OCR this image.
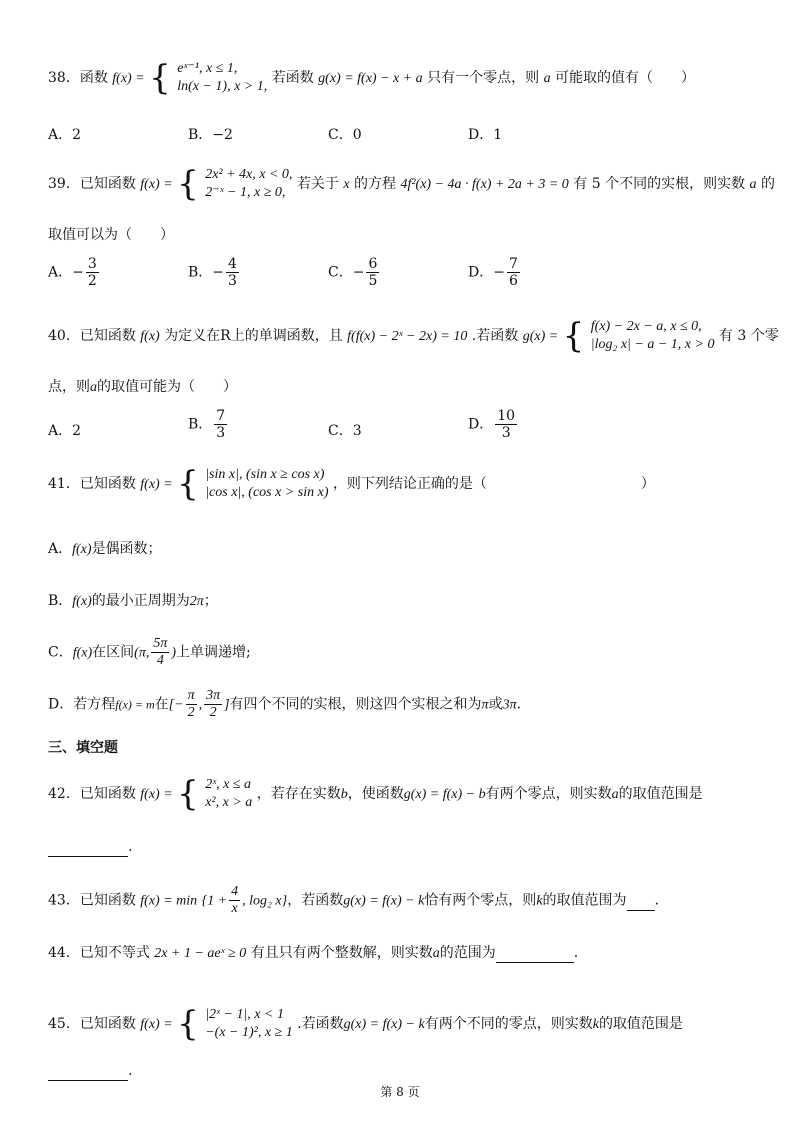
38．函数 f(x) = { eˣ⁻¹, x ≤ 1,
ln(x − 1), x > 1,
若函数 g(x) = f(x) − x + a 只有一个零点，则 a 可能取的值有（　　）
A．2	B．−2	C．0	D．1
39．已知函数 f(x) = { 2x² + 4x, x < 0,
2⁻ˣ − 1, x ≥ 0,
若关于 x 的方程 4f²(x) − 4a · f(x) + 2a + 3 = 0 有 5 个不同的实根，则实数 a 的
取值可以为（　　）
A．− $\frac{3}{2}$	B．− $\frac{4}{3}$	C．− $\frac{6}{5}$	D．− $\frac{7}{6}$
40．已知函数 f(x) 为定义在R上的单调函数，且 f(f(x) − 2ˣ − 2x) = 10 .若函数 g(x) = { f(x) − 2x − a, x ≤ 0,
|log₂ x| − a − 1, x > 0
有 3 个零
点，则a的取值可能为（　　）
A．2	B． $\frac{7}{3}$	C．3	D． $\frac{10}{3}$
41．已知函数 f(x) = { |sin x|, (sin x ≥ cos x)
|cos x|, (cos x > sin x)
，则下列结论正确的是（　　　　　　　　　　　）
A．f(x)是偶函数；
B．f(x)的最小正周期为2π；
C．f(x)在区间(π, $\frac{5\pi}{4}$ )上单调递增;
D．若方程f(x) = m在[− $\frac{\pi}{2}$ , $\frac{3\pi}{2}$ ]有四个不同的实根，则这四个实根之和为π或3π.
三、填空题
42．已知函数 f(x) = { 2ˣ, x ≤ a
x², x > a
，若存在实数b，使函数g(x) = f(x) − b有两个零点，则实数a的取值范围是
.
43．已知函数 $f(x) = \min \{1 + \frac{4}{x}$ , log₂ x}，若函数g(x) = f(x) − k恰有两个零点，则k的取值范围为 .
44．已知不等式 2x + 1 − aeˣ ≥ 0 有且只有两个整数解，则实数a的范围为	.
45．已知函数 f(x) = { |2ˣ − 1|, x < 1
−(x − 1)², x ≥ 1
.若函数g(x) = f(x) − k有两个不同的零点，则实数k的取值范围是
.
第 8 页
